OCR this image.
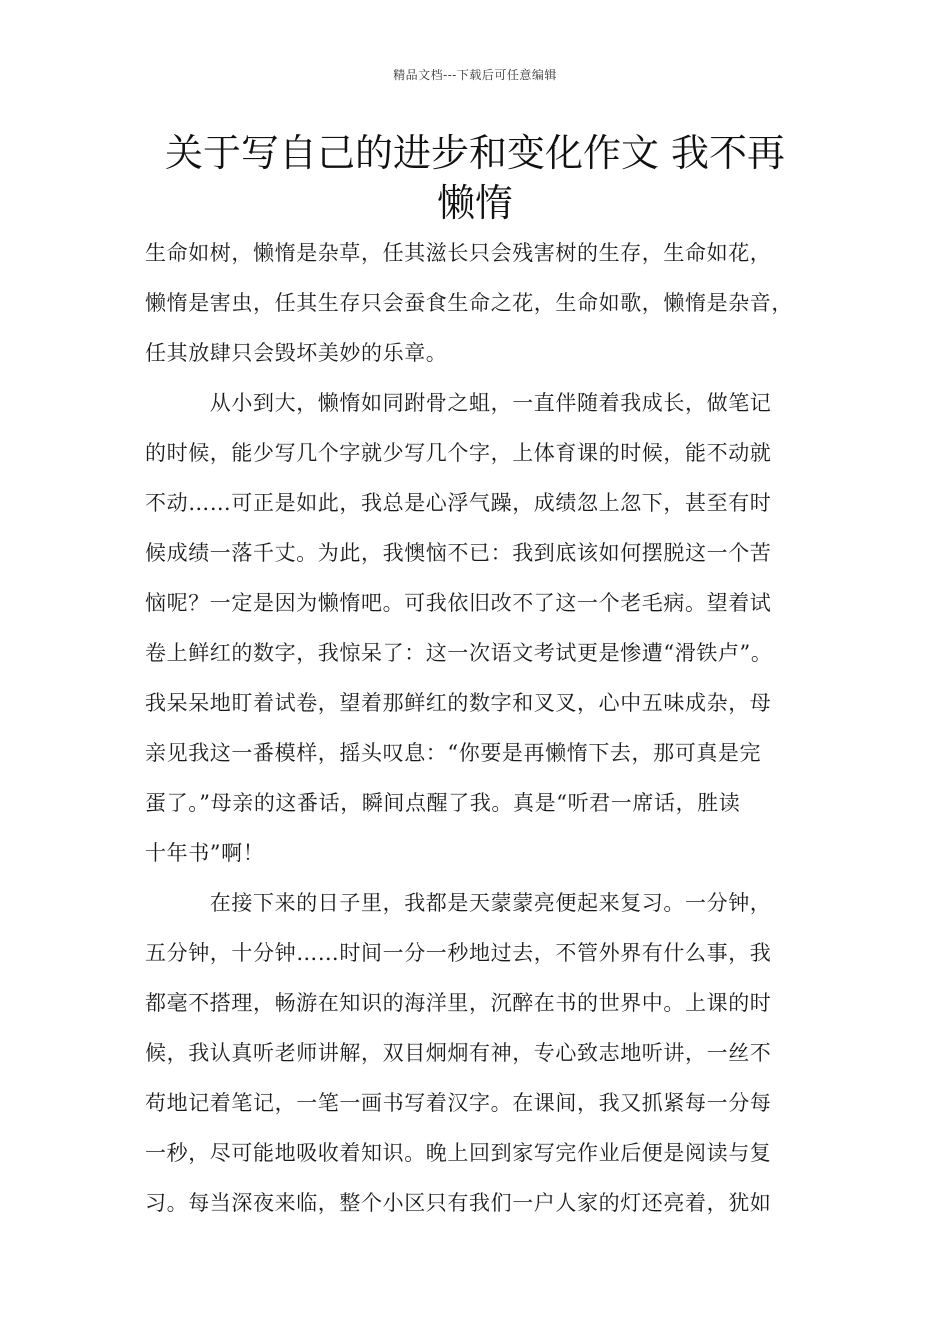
精品文档---下载后可任意编辑
关于写自己的进步和变化作文 我不再
懒惰

生命如树，懒惰是杂草，任其滋长只会残害树的生存，生命如花，

懒惰是害虫，任其生存只会蚕食生命之花，生命如歌，懒惰是杂音，

任其放肆只会毁坏美妙的乐章。

　　　从小到大，懒惰如同跗骨之蛆，一直伴随着我成长，做笔记

的时候，能少写几个字就少写几个字，上体育课的时候，能不动就

不动……可正是如此，我总是心浮气躁，成绩忽上忽下，甚至有时

候成绩一落千丈。为此，我懊恼不已：我到底该如何摆脱这一个苦

恼呢？一定是因为懒惰吧。可我依旧改不了这一个老毛病。望着试

卷上鲜红的数字，我惊呆了：这一次语文考试更是惨遭“滑铁卢”。

我呆呆地盯着试卷，望着那鲜红的数字和叉叉，心中五味成杂，母

亲见我这一番模样，摇头叹息：“你要是再懒惰下去，那可真是完

蛋了。”母亲的这番话，瞬间点醒了我。真是“听君一席话，胜读

十年书”啊！

　　　在接下来的日子里，我都是天蒙蒙亮便起来复习。一分钟，

五分钟，十分钟……时间一分一秒地过去，不管外界有什么事，我

都毫不搭理，畅游在知识的海洋里，沉醉在书的世界中。上课的时

候，我认真听老师讲解，双目炯炯有神，专心致志地听讲，一丝不

苟地记着笔记，一笔一画书写着汉字。在课间，我又抓紧每一分每

一秒，尽可能地吸收着知识。晚上回到家写完作业后便是阅读与复

习。每当深夜来临，整个小区只有我们一户人家的灯还亮着，犹如
